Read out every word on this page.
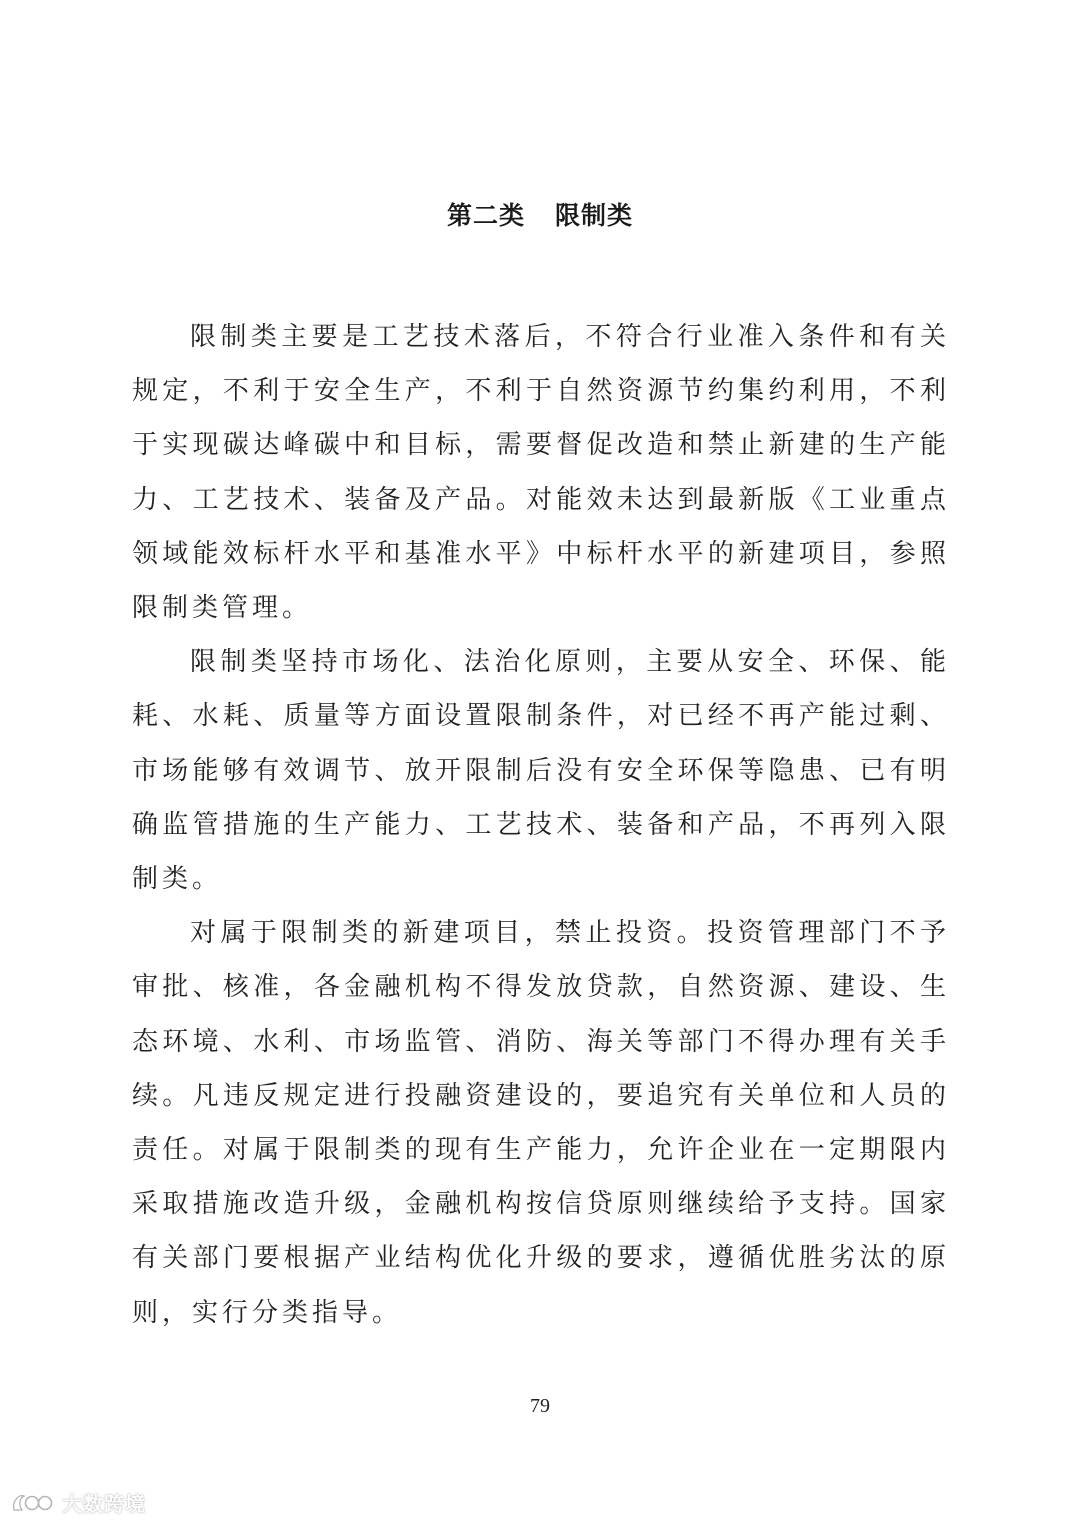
第二类 限制类

限制类主要是工艺技术落后，不符合行业准入条件和有关规定，不利于安全生产，不利于自然资源节约集约利用，不利于实现碳达峰碳中和目标，需要督促改造和禁止新建的生产能力、工艺技术、装备及产品。对能效未达到最新版《工业重点领域能效标杆水平和基准水平》中标杆水平的新建项目，参照限制类管理。

限制类坚持市场化、法治化原则，主要从安全、环保、能耗、水耗、质量等方面设置限制条件，对已经不再产能过剩、市场能够有效调节、放开限制后没有安全环保等隐患、已有明确监管措施的生产能力、工艺技术、装备和产品，不再列入限制类。

对属于限制类的新建项目，禁止投资。投资管理部门不予审批、核准，各金融机构不得发放贷款，自然资源、建设、生态环境、水利、市场监管、消防、海关等部门不得办理有关手续。凡违反规定进行投融资建设的，要追究有关单位和人员的责任。对属于限制类的现有生产能力，允许企业在一定期限内采取措施改造升级，金融机构按信贷原则继续给予支持。国家有关部门要根据产业结构优化升级的要求，遵循优胜劣汰的原则，实行分类指导。

79
大数跨境
